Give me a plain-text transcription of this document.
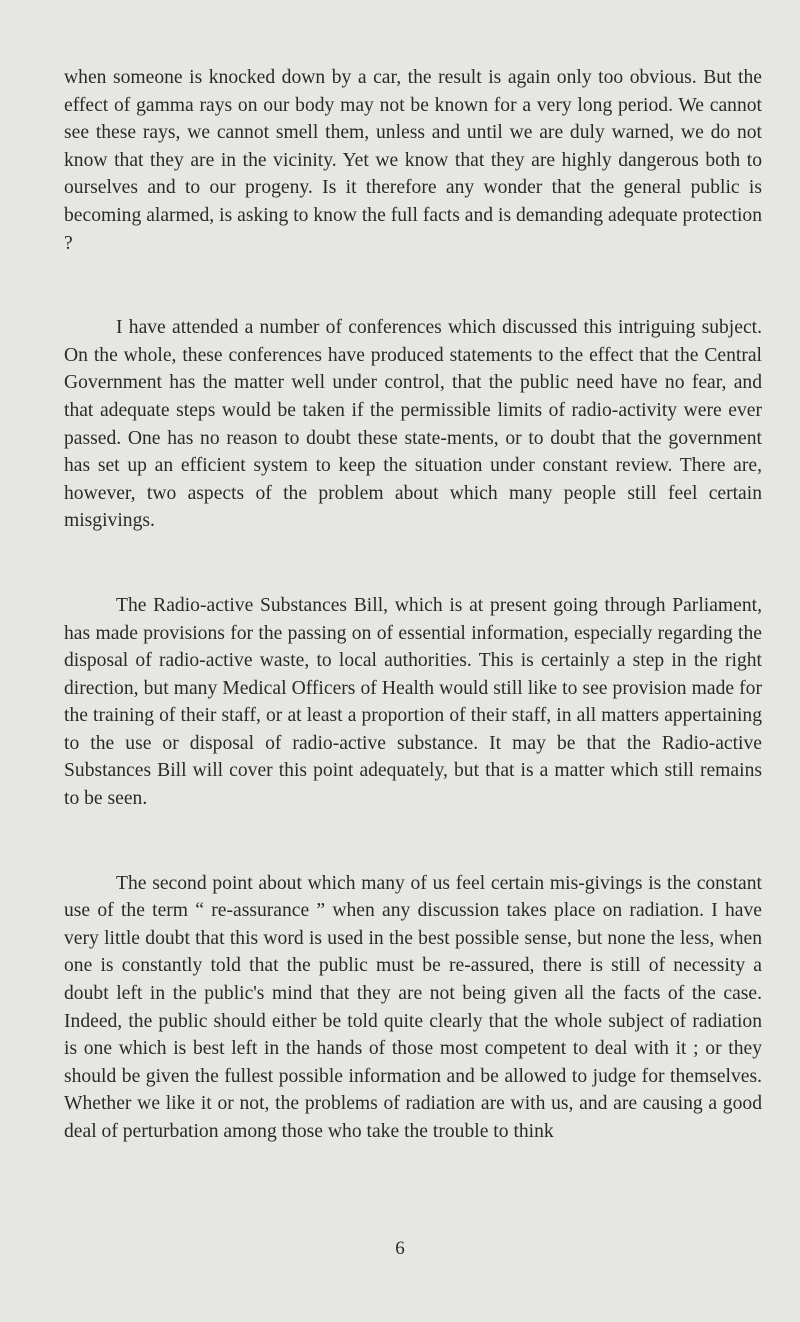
when someone is knocked down by a car, the result is again only too obvious. But the effect of gamma rays on our body may not be known for a very long period. We cannot see these rays, we cannot smell them, unless and until we are duly warned, we do not know that they are in the vicinity. Yet we know that they are highly dangerous both to ourselves and to our progeny. Is it therefore any wonder that the general public is becoming alarmed, is asking to know the full facts and is demanding adequate protection ?

I have attended a number of conferences which discussed this intriguing subject. On the whole, these conferences have produced statements to the effect that the Central Government has the matter well under control, that the public need have no fear, and that adequate steps would be taken if the permissible limits of radio-activity were ever passed. One has no reason to doubt these state-ments, or to doubt that the government has set up an efficient system to keep the situation under constant review. There are, however, two aspects of the problem about which many people still feel certain misgivings.

The Radio-active Substances Bill, which is at present going through Parliament, has made provisions for the passing on of essential information, especially regarding the disposal of radio-active waste, to local authorities. This is certainly a step in the right direction, but many Medical Officers of Health would still like to see provision made for the training of their staff, or at least a proportion of their staff, in all matters appertaining to the use or disposal of radio-active substance. It may be that the Radio-active Substances Bill will cover this point adequately, but that is a matter which still remains to be seen.

The second point about which many of us feel certain mis-givings is the constant use of the term “ re-assurance ” when any discussion takes place on radiation. I have very little doubt that this word is used in the best possible sense, but none the less, when one is constantly told that the public must be re-assured, there is still of necessity a doubt left in the public's mind that they are not being given all the facts of the case. Indeed, the public should either be told quite clearly that the whole subject of radiation is one which is best left in the hands of those most competent to deal with it ; or they should be given the fullest possible information and be allowed to judge for themselves. Whether we like it or not, the problems of radiation are with us, and are causing a good deal of perturbation among those who take the trouble to think

6
